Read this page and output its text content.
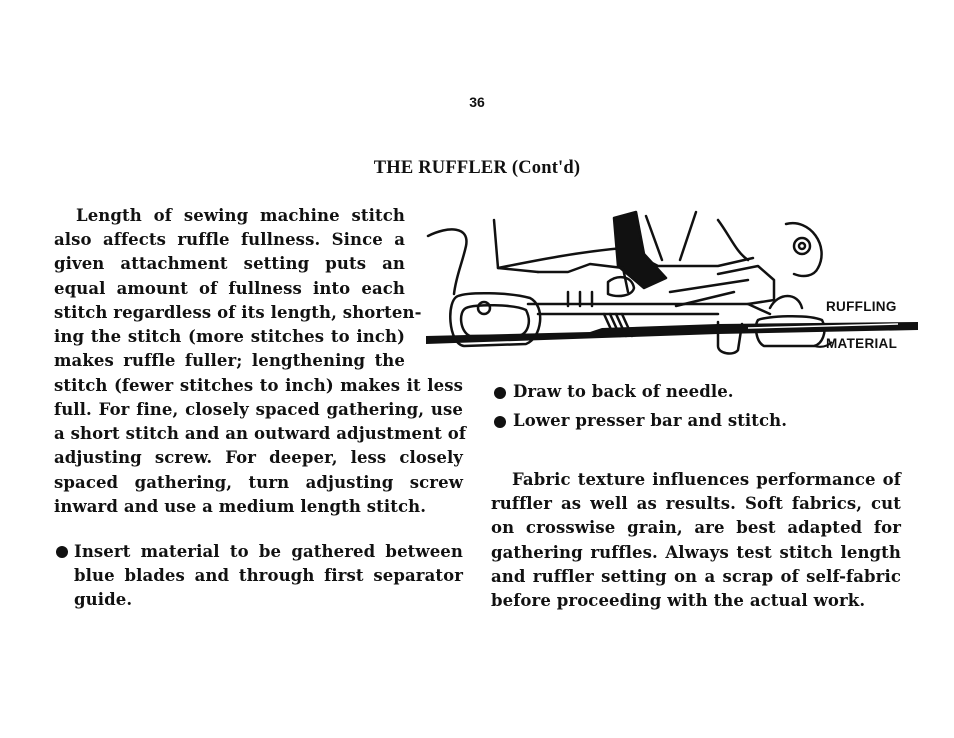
36
THE RUFFLER (Cont'd)
Length of sewing machine stitch
also affects ruffle fullness. Since a
given attachment setting puts an
equal amount of fullness into each
stitch regardless of its length, shorten-
ing the stitch (more stitches to inch)
makes ruffle fuller; lengthening the
stitch (fewer stitches to inch) makes it less
full. For fine, closely spaced gathering, use
a short stitch and an outward adjustment of
adjusting screw. For deeper, less closely
spaced gathering, turn adjusting screw
inward and use a medium length stitch.
Insert material to be gathered between
blue blades and through first separator
guide.
RUFFLING
MATERIAL
Draw to back of needle.
Lower presser bar and stitch.
Fabric texture influences performance of
ruffler as well as results. Soft fabrics, cut
on crosswise grain, are best adapted for
gathering ruffles. Always test stitch length
and ruffler setting on a scrap of self-fabric
before proceeding with the actual work.
